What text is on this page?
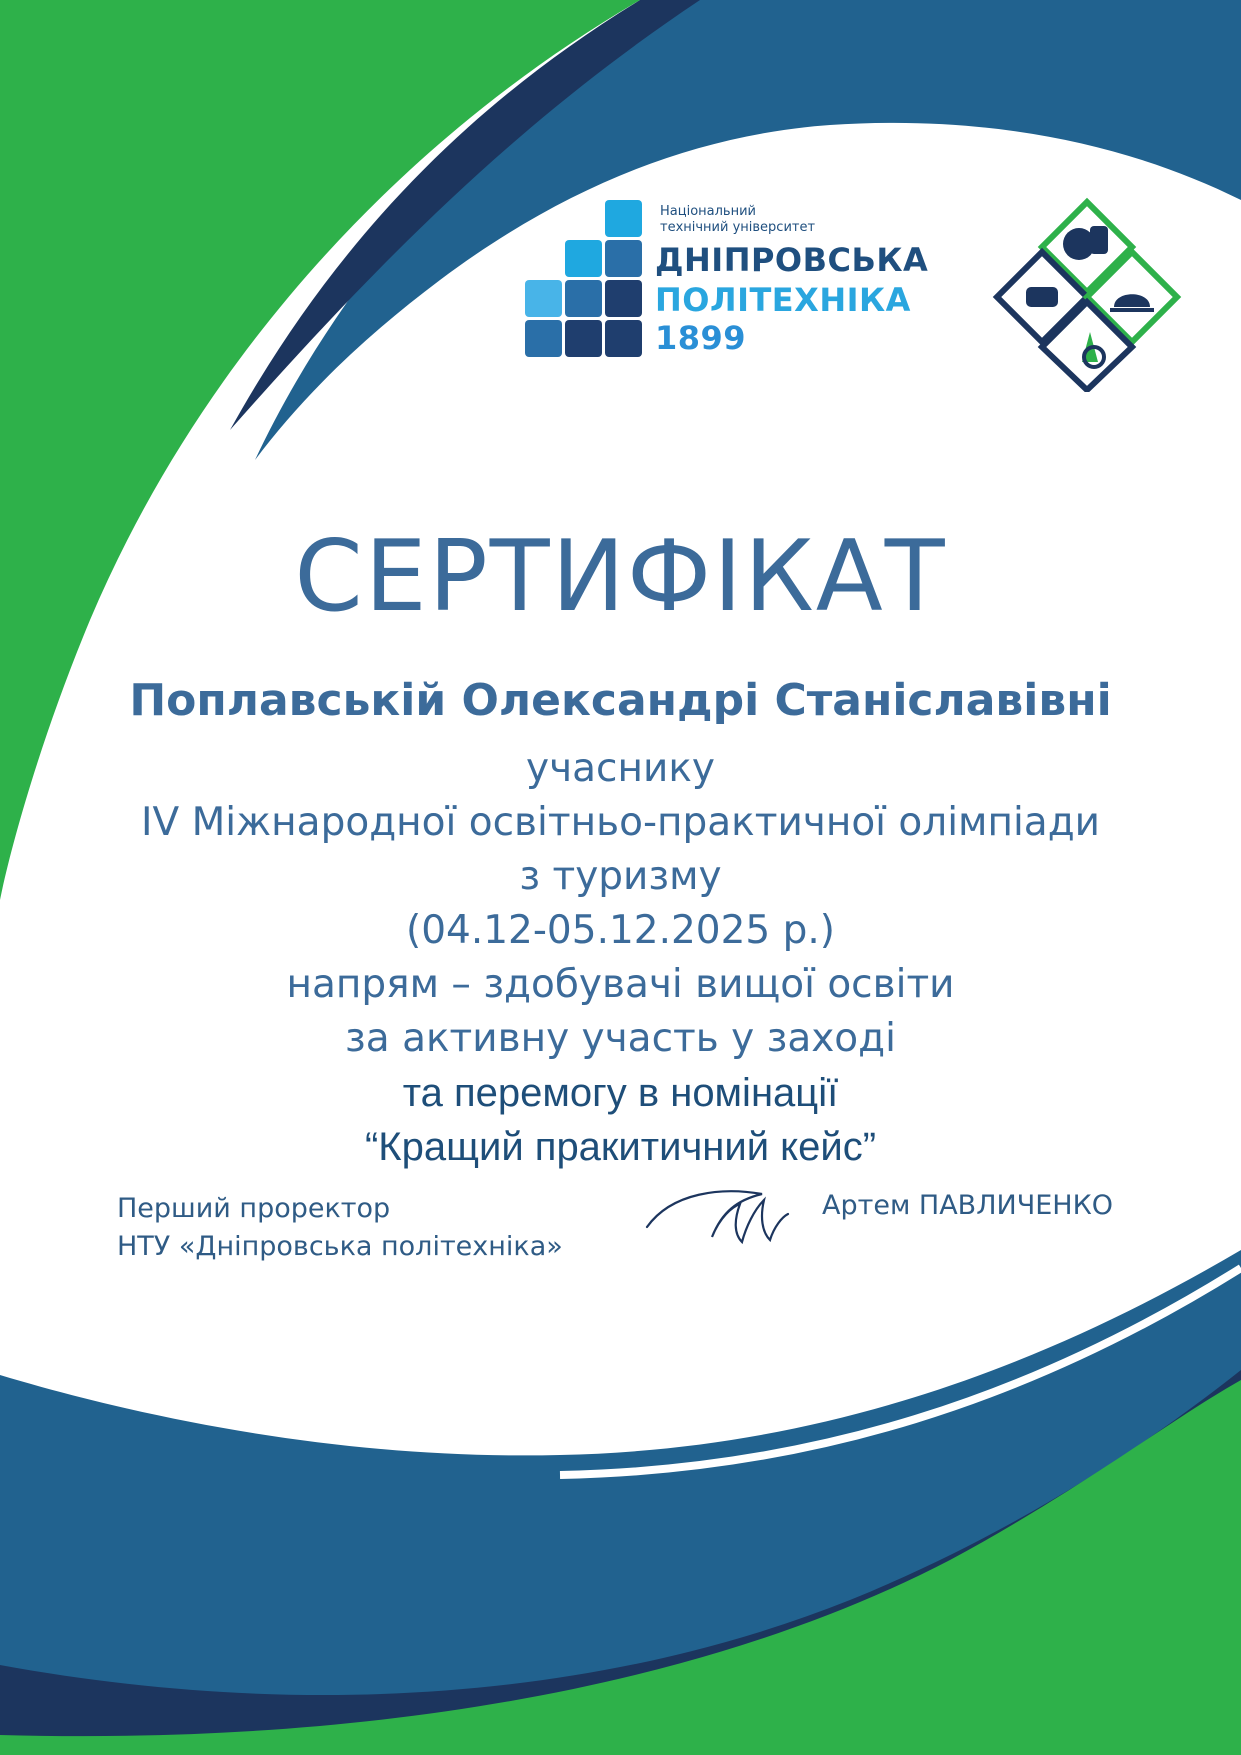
Національний
технічний університет
ДНІПРОВСЬКА
ПОЛІТЕХНІКА
1899
СЕРТИФІКАТ
Поплавській Олександрі Станіславівні
учаснику
IV Міжнародної освітньо-практичної олімпіади
з туризму
(04.12-05.12.2025 р.)
напрям – здобувачі вищої освіти
за активну участь у заході
та перемогу в номінації
“Кращий пракитичний кейс”
Перший проректор
НТУ «Дніпровська політехніка»
Артем ПАВЛИЧЕНКО
